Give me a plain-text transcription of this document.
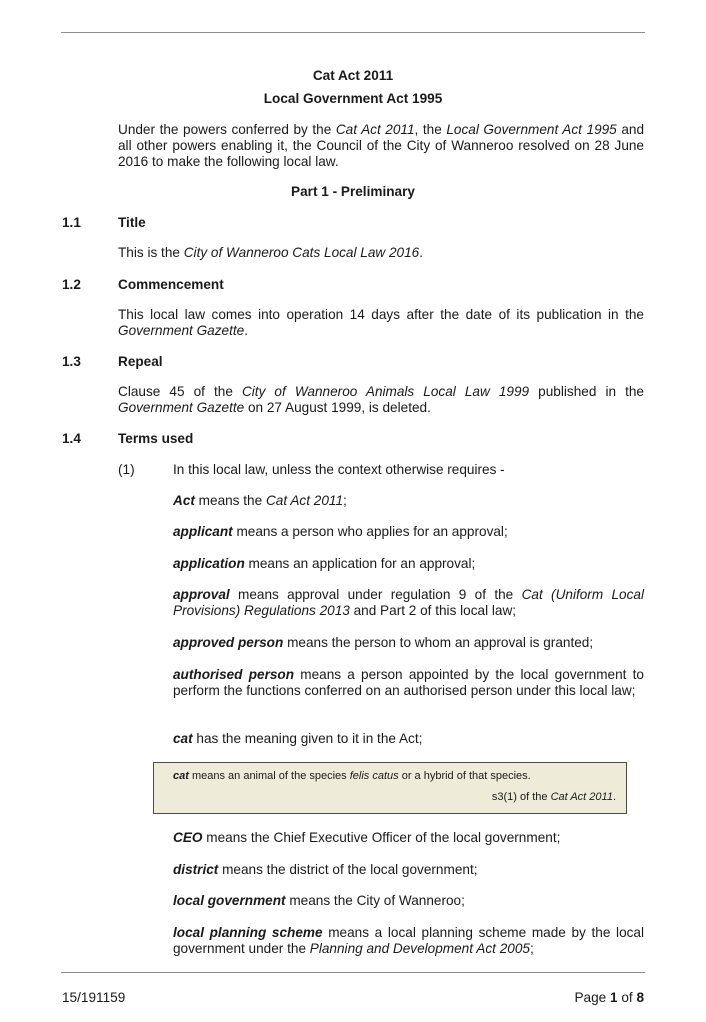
Cat Act 2011
Local Government Act 1995
Under the powers conferred by the Cat Act 2011, the Local Government Act 1995 and all other powers enabling it, the Council of the City of Wanneroo resolved on 28 June 2016 to make the following local law.
Part 1 - Preliminary
1.1	Title
This is the City of Wanneroo Cats Local Law 2016.
1.2	Commencement
This local law comes into operation 14 days after the date of its publication in the Government Gazette.
1.3	Repeal
Clause 45 of the City of Wanneroo Animals Local Law 1999 published in the Government Gazette on 27 August 1999, is deleted.
1.4	Terms used
(1)	In this local law, unless the context otherwise requires -
Act means the Cat Act 2011;
applicant means a person who applies for an approval;
application means an application for an approval;
approval means approval under regulation 9 of the Cat (Uniform Local Provisions) Regulations 2013 and Part 2 of this local law;
approved person means the person to whom an approval is granted;
authorised person means a person appointed by the local government to perform the functions conferred on an authorised person under this local law;
cat has the meaning given to it in the Act;
cat means an animal of the species felis catus or a hybrid of that species.
s3(1) of the Cat Act 2011.
CEO means the Chief Executive Officer of the local government;
district means the district of the local government;
local government means the City of Wanneroo;
local planning scheme means a local planning scheme made by the local government under the Planning and Development Act 2005;
15/191159	Page 1 of 8
